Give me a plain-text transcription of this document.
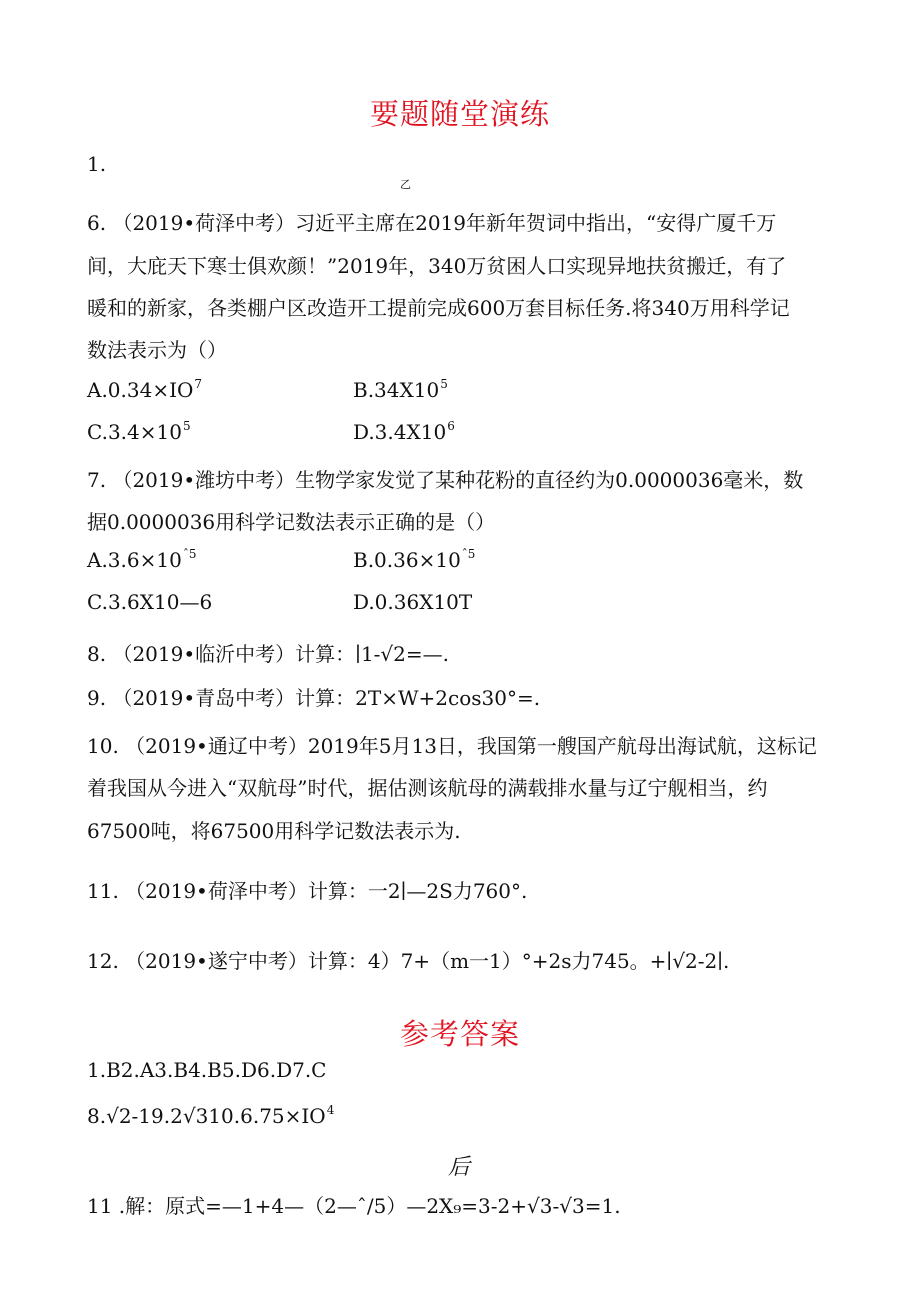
要题随堂演练
1.
乙
6. （2019•荷泽中考）习近平主席在2019年新年贺词中指出，“安得广厦千万
间，大庇天下寒士俱欢颜！”2019年，340万贫困人口实现异地扶贫搬迁，有了
暖和的新家，各类棚户区改造开工提前完成600万套目标任务.将340万用科学记
数法表示为（）
$A.0.34\times IO^7$	$B.34X10^5$
$C.3.4\times 10^5$	$D.3.4X10^6$
7. （2019•潍坊中考）生物学家发觉了某种花粉的直径约为0.0000036毫米，数
据0.0000036用科学记数法表示正确的是（）
$A.3.6\times 10^{ˆ5}$	$B.0.36\times 10^{ˆ5}$
C.3.6X10—6	D.0.36X10T
8. （2019•临沂中考）计算：∣1-√2=—.
9. （2019•青岛中考）计算：2T×W+2cos30°=.
10. （2019•通辽中考）2019年5月13日，我国第一艘国产航母出海试航，这标记
着我国从今进入“双航母”时代，据估测该航母的满载排水量与辽宁舰相当，约
67500吨，将67500用科学记数法表示为.
11. （2019•荷泽中考）计算：一2∣—2S力760°.
12. （2019•遂宁中考）计算：4）7+（m一1）°+2s力745。+∣√2-2∣.
参考答案
1.B2.A3.B4.B5.D6.D7.C
$8.√2-19.2√310.6.75\times IO^4$
后
11 .解：原式=—1+4—（2—ˆ/5）—2X₉=3-2+√3-√3=1.
